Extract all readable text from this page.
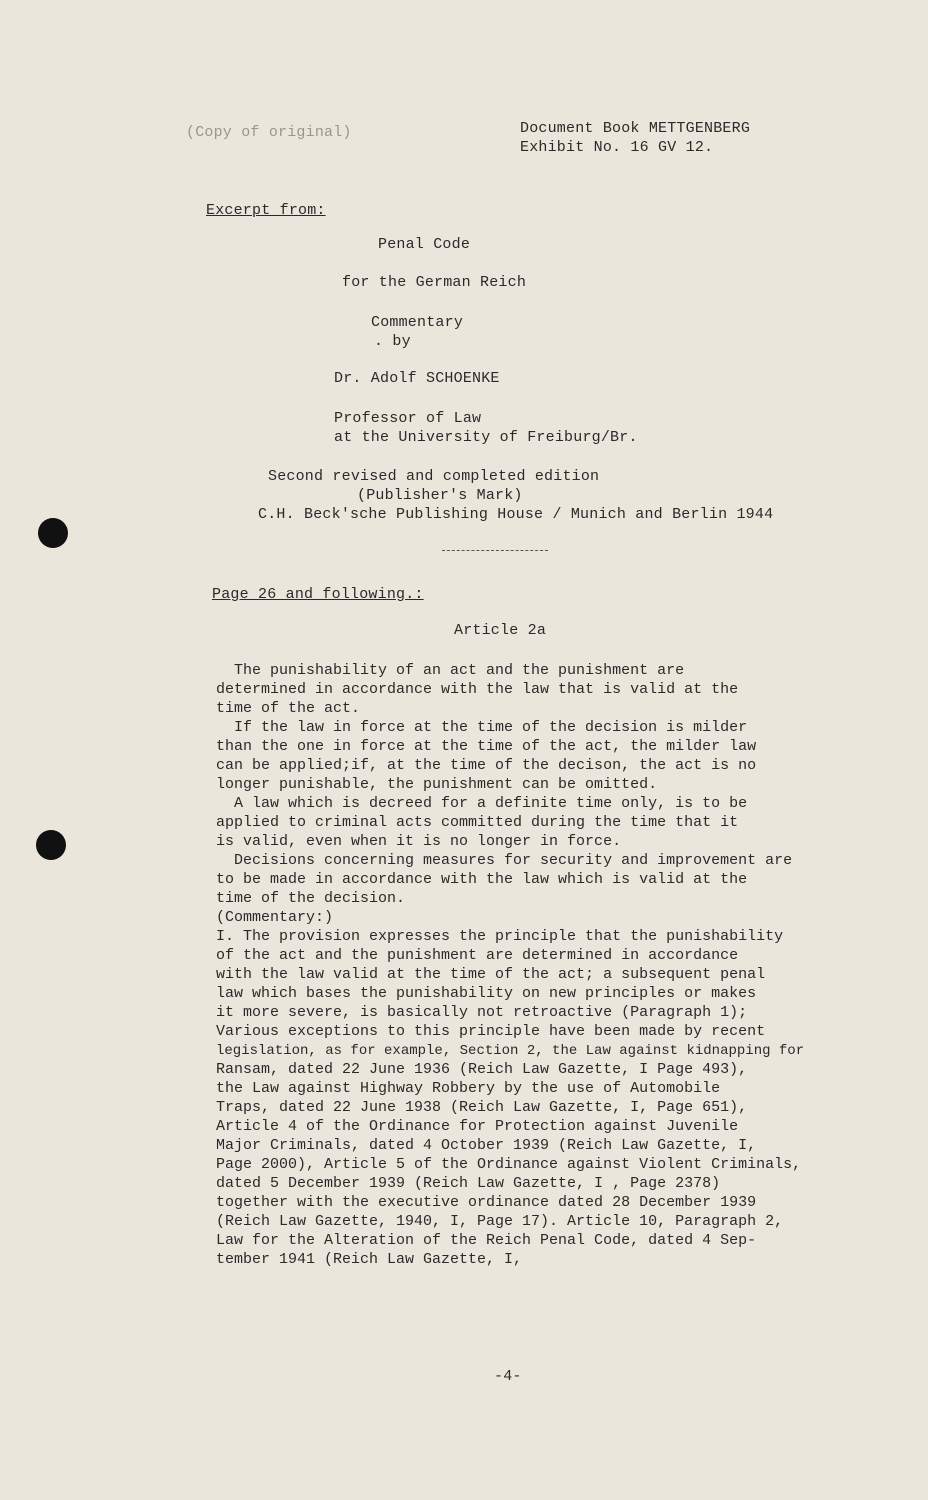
(Copy of original)	Document Book METTGENBERG
Exhibit No. 16 GV 12.
Excerpt from:
Penal Code
for the German Reich
Commentary
. by
Dr. Adolf SCHOENKE
Professor of Law
at the University of Freiburg/Br.
Second revised and completed edition
(Publisher's Mark)
C.H. Beck'sche Publishing House / Munich and Berlin 1944
Page 26 and following.:
Article 2a
The punishability of an act and the punishment are
determined in accordance with the law that is valid at the
time of the act.
If the law in force at the time of the decision is milder
than the one in force at the time of the act, the milder law
can be applied;if, at the time of the decison, the act is no
longer punishable, the punishment can be omitted.
A law which is decreed for a definite time only, is to be
applied to criminal acts committed during the time that it
is valid, even when it is no longer in force.
Decisions concerning measures for security and improvement are
to be made in accordance with the law which is valid at the
time of the decision.
(Commentary:)
I. The provision expresses the principle that the punishability
of the act and the punishment are determined in accordance
with the law valid at the time of the act; a subsequent penal
law which bases the punishability on new principles or makes
it more severe, is basically not retroactive (Paragraph 1);
Various exceptions to this principle have been made by recent
legislation, as for example, Section 2, the Law against kidnapping for
Ransam, dated 22 June 1936 (Reich Law Gazette, I Page 493),
the Law against Highway Robbery by the use of Automobile
Traps, dated 22 June 1938 (Reich Law Gazette, I, Page 651),
Article 4 of the Ordinance for Protection against Juvenile
Major Criminals, dated 4 October 1939 (Reich Law Gazette, I,
Page 2000), Article 5 of the Ordinance against Violent Criminals,
dated 5 December 1939 (Reich Law Gazette, I , Page 2378)
together with the executive ordinance dated 28 December 1939
(Reich Law Gazette, 1940, I, Page 17). Article 10, Paragraph 2,
Law for the Alteration of the Reich Penal Code, dated 4 Sep-
tember 1941 (Reich Law Gazette, I,
-4-
